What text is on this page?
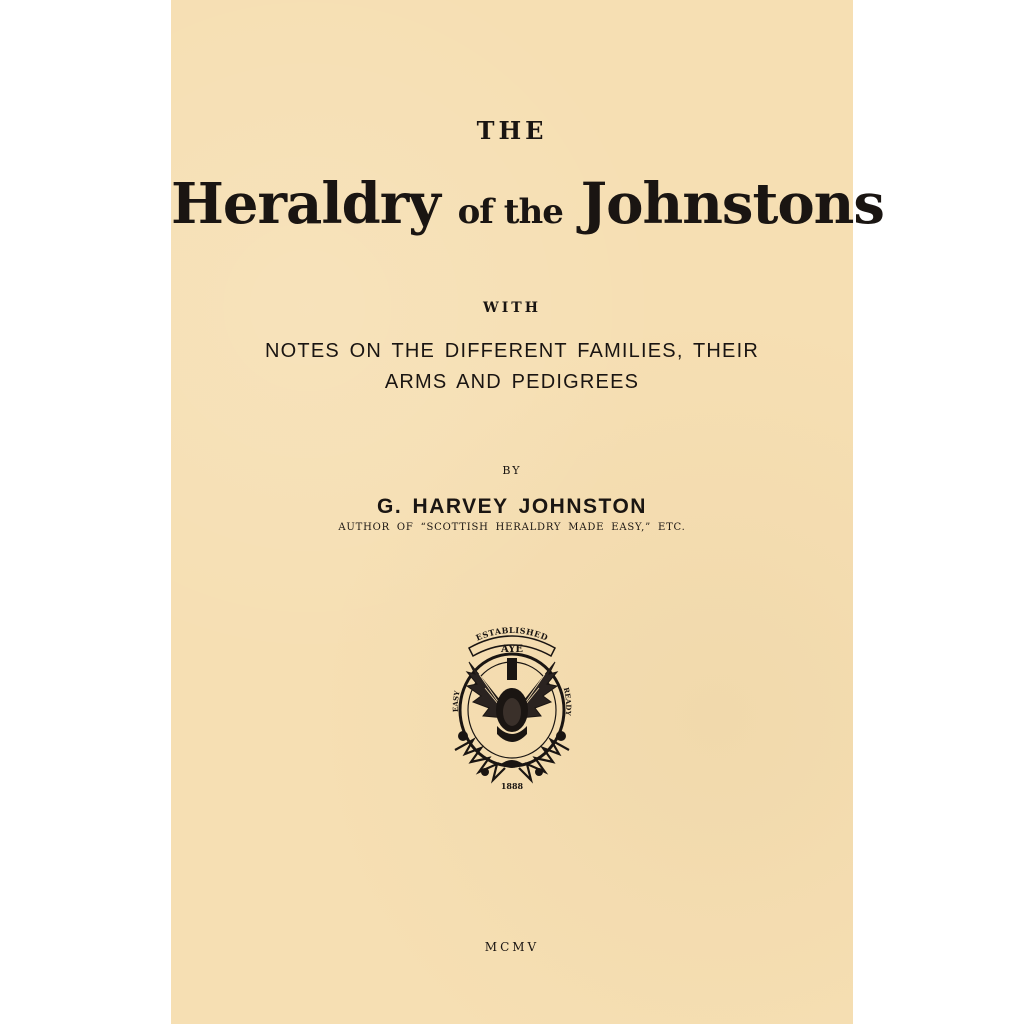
THE
Heraldry of the Johnstons
WITH
NOTES ON THE DIFFERENT FAMILIES, THEIR
ARMS AND PEDIGREES
BY
G. HARVEY JOHNSTON
AUTHOR OF “SCOTTISH HERALDRY MADE EASY,” ETC.
ESTABLISHED
AYE
EASY	READY
1888
MCMV
